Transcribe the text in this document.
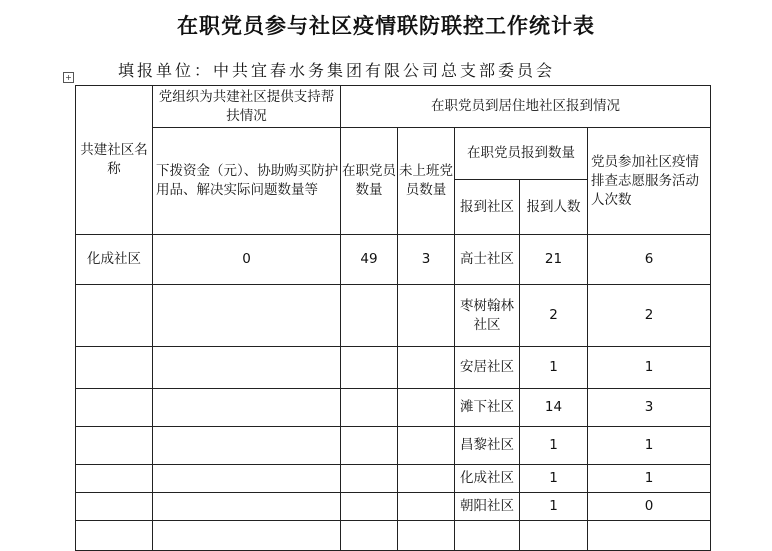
在职党员参与社区疫情联防联控工作统计表
填报单位：中共宜春水务集团有限公司总支部委员会
+
共建社区名称	党组织为共建社区提供支持帮扶情况	在职党员到居住地社区报到情况				
	下拨资金（元）、协助购买防护用品、解决实际问题数量等	在职党员数量	未上班党员数量	在职党员报到数量		党员参加社区疫情排查志愿服务活动人次数
				报到社区	报到人数	
化成社区	0	49	3	高士社区	21	6
				枣树翰林社区	2	2
				安居社区	1	1
				滩下社区	14	3
				昌黎社区	1	1
				化成社区	1	1
				朝阳社区	1	0
